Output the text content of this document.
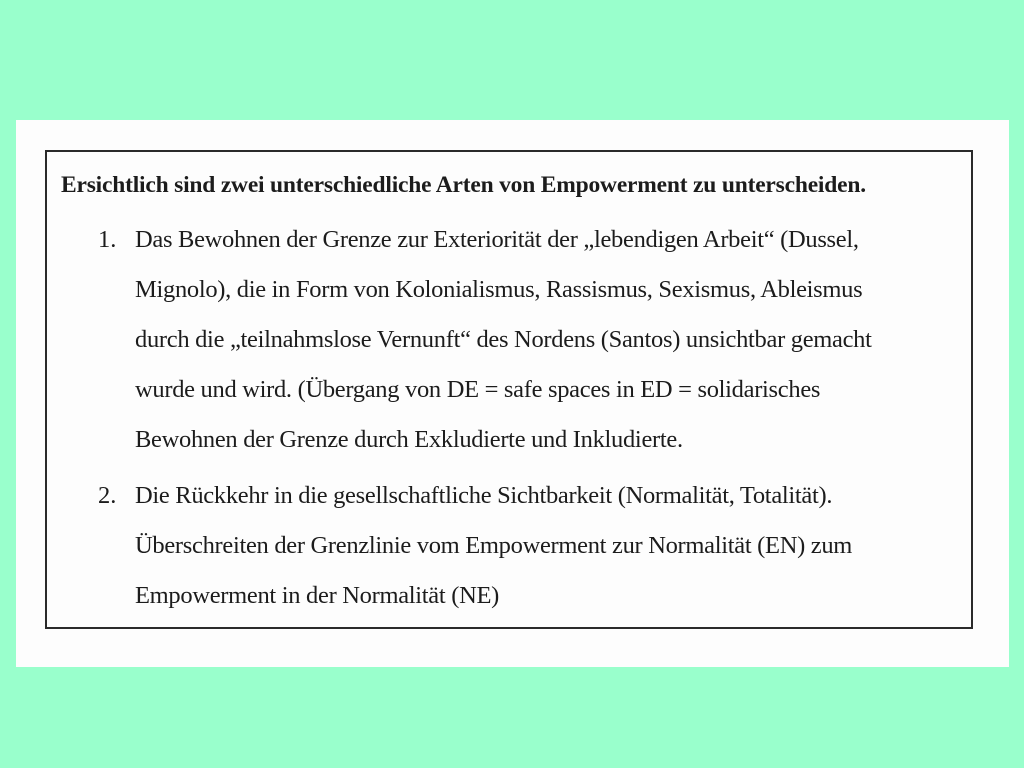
Ersichtlich sind zwei unterschiedliche Arten von Empowerment zu unterscheiden.
1. Das Bewohnen der Grenze zur Exteriorität der „lebendigen Arbeit“ (Dussel,
Mignolo), die in Form von Kolonialismus, Rassismus, Sexismus, Ableismus
durch die „teilnahmslose Vernunft“ des Nordens (Santos) unsichtbar gemacht
wurde und wird. (Übergang von DE = safe spaces in ED = solidarisches
Bewohnen der Grenze durch Exkludierte und Inkludierte.
2. Die Rückkehr in die gesellschaftliche Sichtbarkeit (Normalität, Totalität).
Überschreiten der Grenzlinie vom Empowerment zur Normalität (EN) zum
Empowerment in der Normalität (NE)
